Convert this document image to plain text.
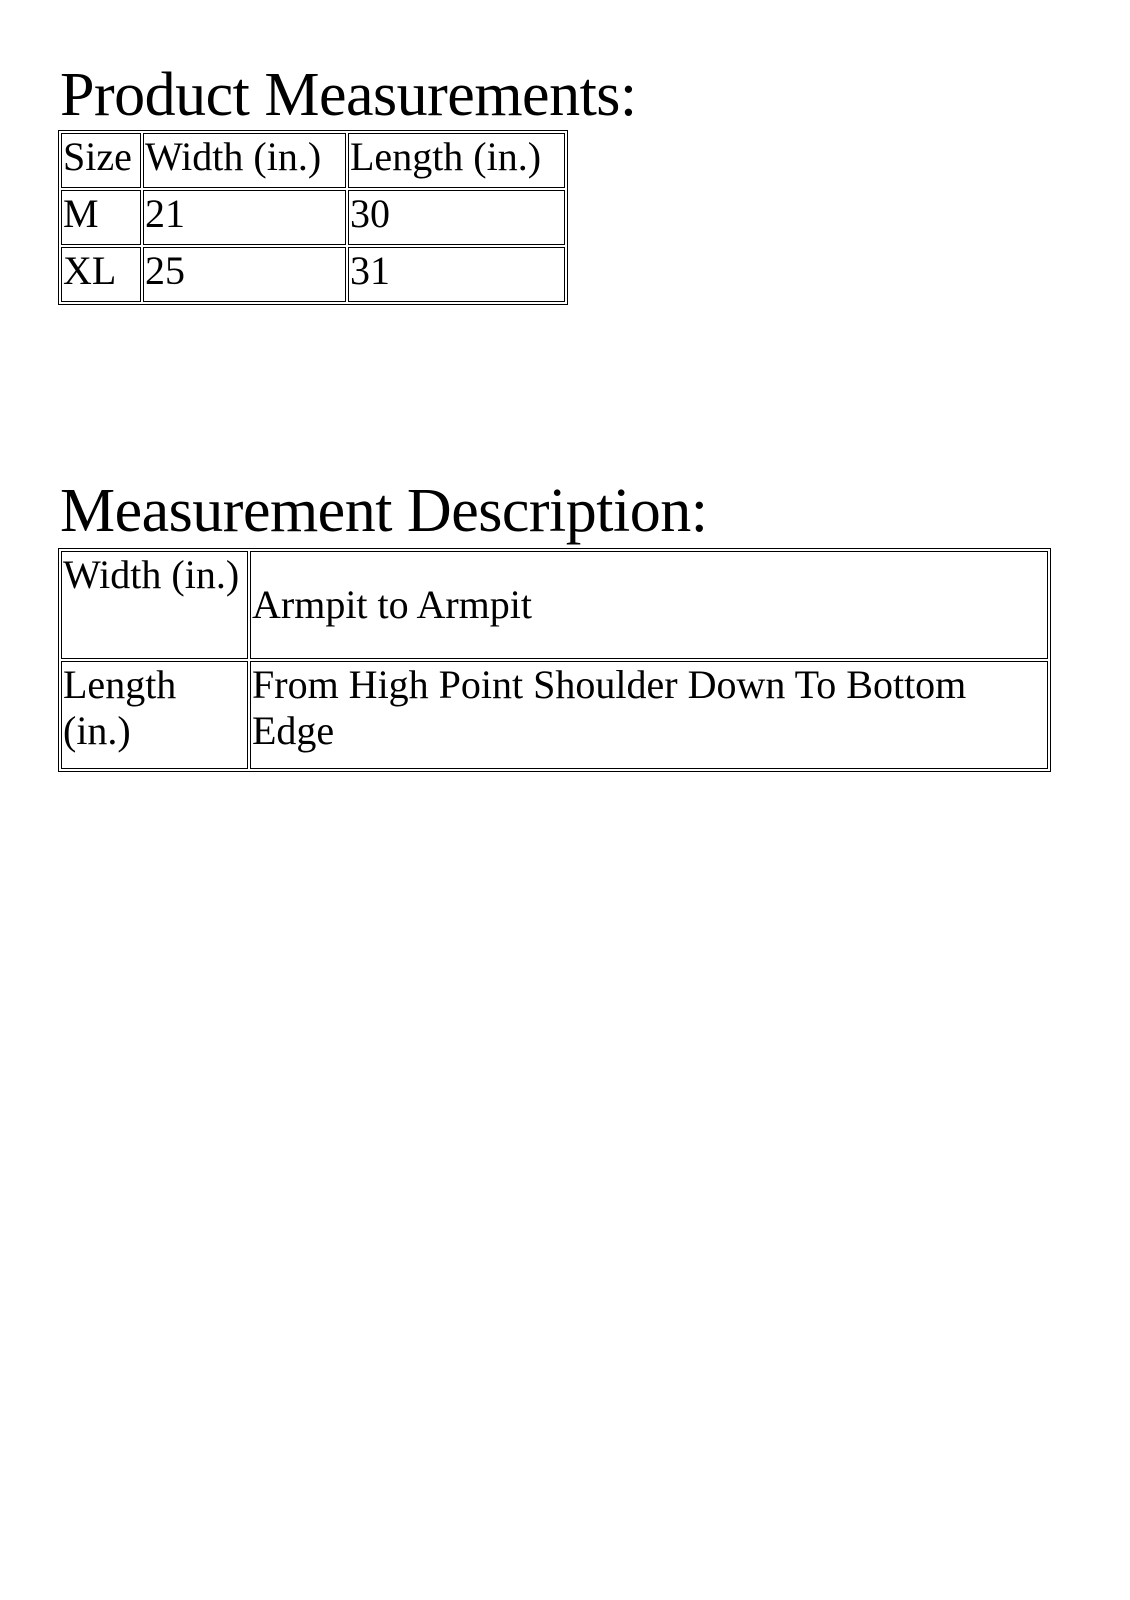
Product Measurements:
Size	Width (in.)	Length (in.)
M	21	30
XL	25	31
Measurement Description:
Width (in.)	Armpit to Armpit
Length (in.)	From High Point Shoulder Down To Bottom Edge
